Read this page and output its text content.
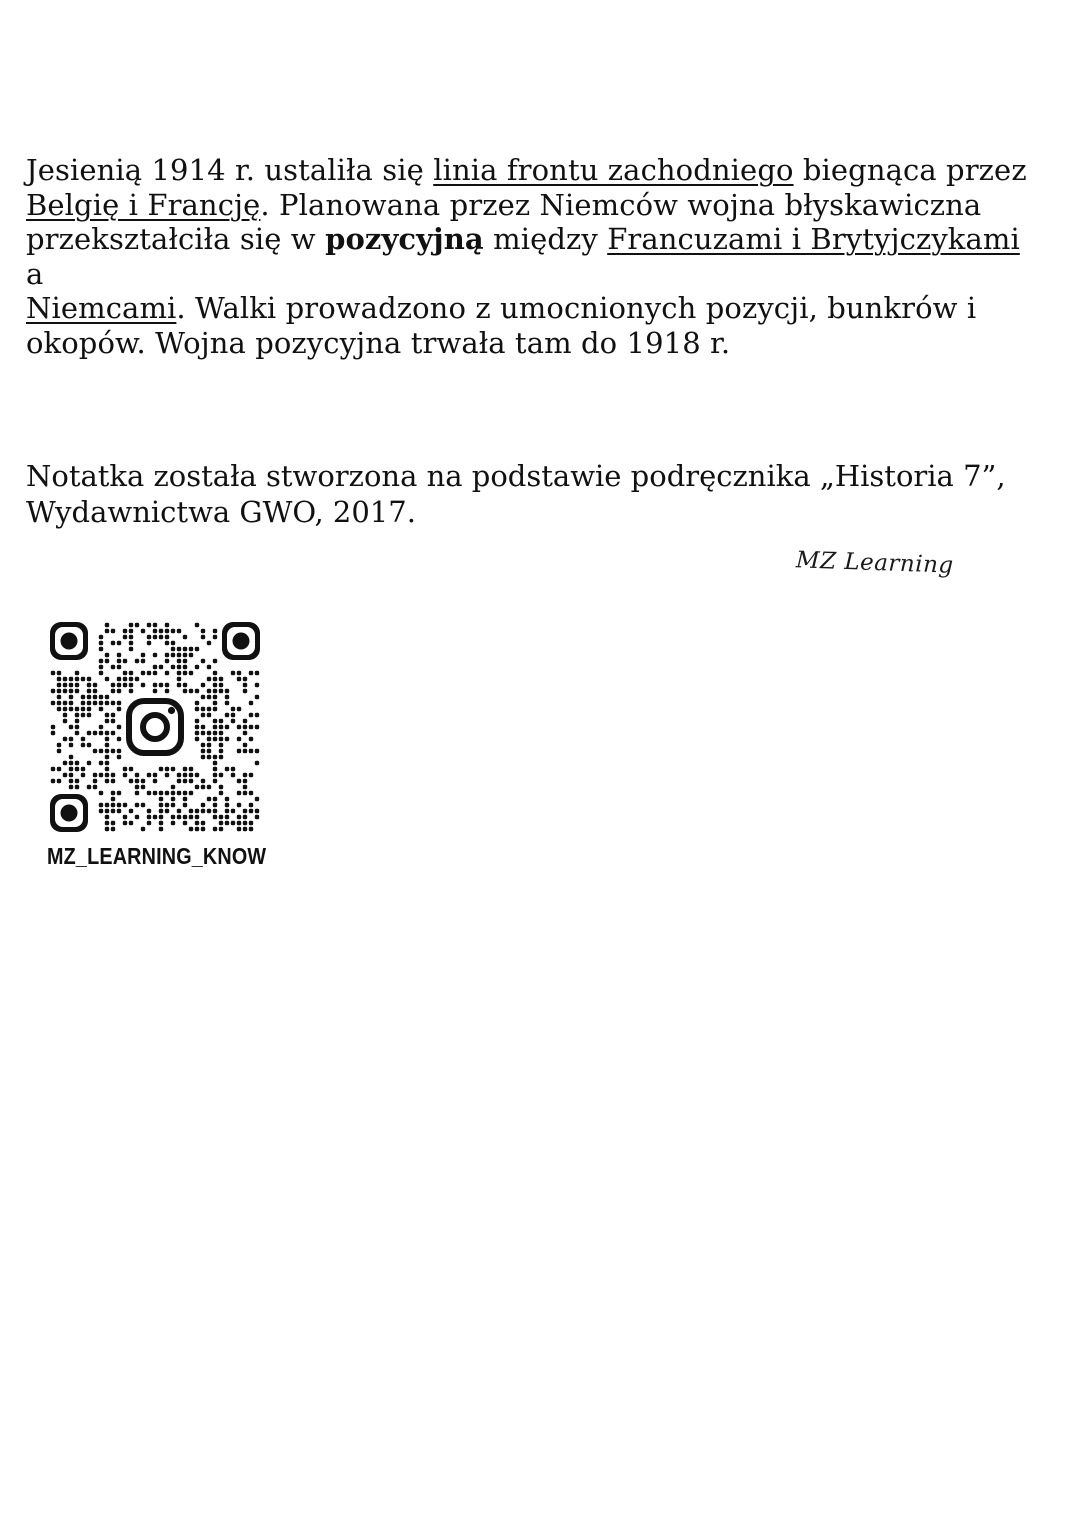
Jesienią 1914 r. ustaliła się linia frontu zachodniego biegnąca przez
Belgię i Francję. Planowana przez Niemców wojna błyskawiczna
przekształciła się w pozycyjną między Francuzami i Brytyjczykami a
Niemcami. Walki prowadzono z umocnionych pozycji, bunkrów i
okopów. Wojna pozycyjna trwała tam do 1918 r.

Notatka została stworzona na podstawie podręcznika „Historia 7”,
Wydawnictwa GWO, 2017.

MZ Learning
MZ_LEARNING_KNOW
